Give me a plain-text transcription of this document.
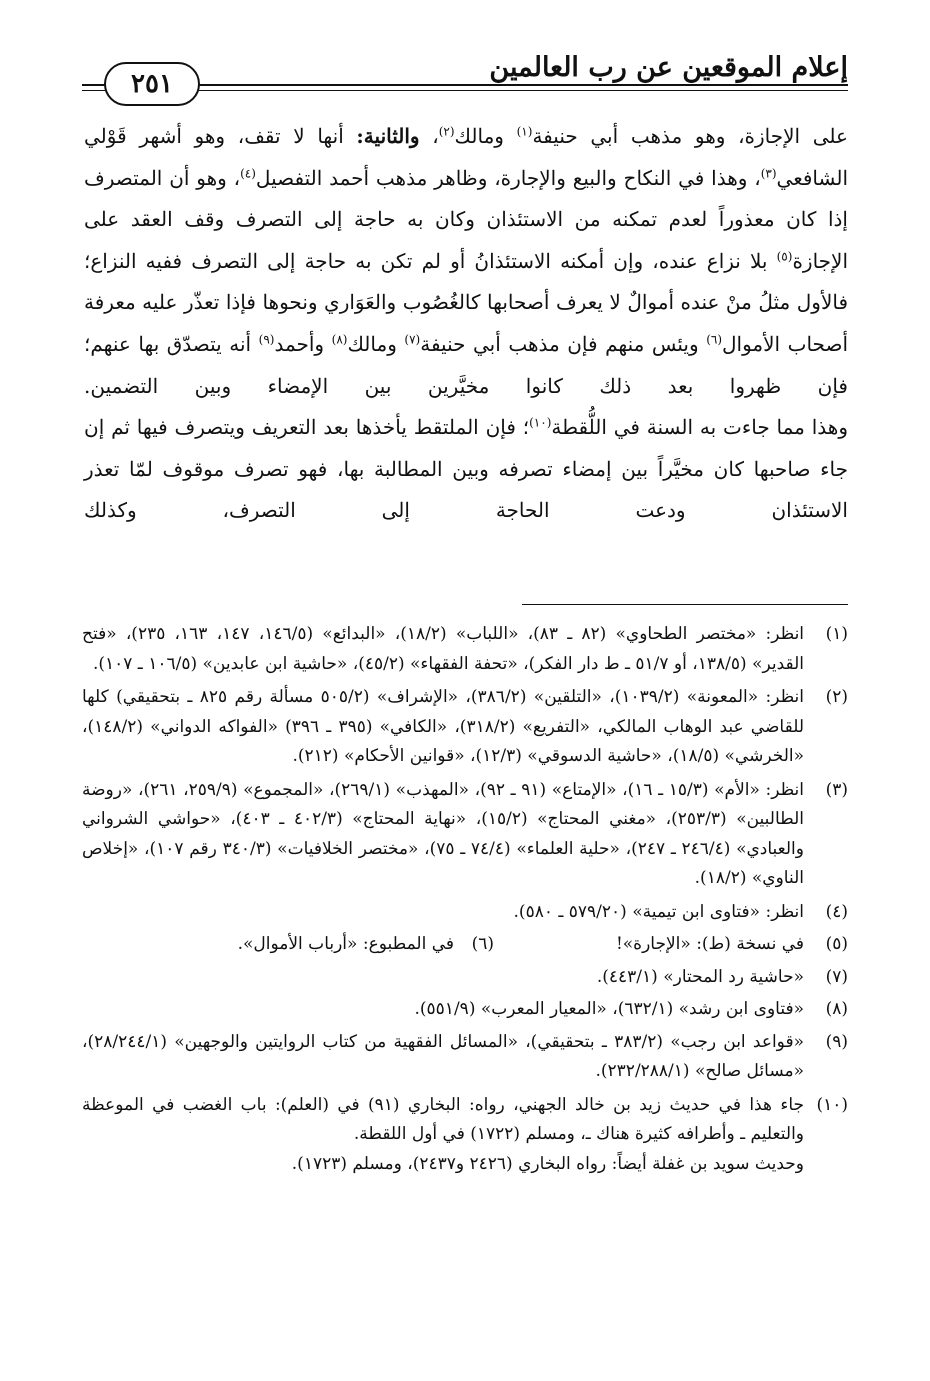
إعلام الموقعين عن رب العالمين
٢٥١

على الإجازة، وهو مذهب أبي حنيفة$^{(١)}$ ومالك$^{(٢)}$، والثانية: أنها لا تقف، وهو أشهر قَوْلي الشافعي$^{(٣)}$، وهذا في النكاح والبيع والإجارة، وظاهر مذهب أحمد التفصيل$^{(٤)}$، وهو أن المتصرف إذا كان معذوراً لعدم تمكنه من الاستئذان وكان به حاجة إلى التصرف وقف العقد على الإجازة$^{(٥)}$ بلا نزاع عنده، وإن أمكنه الاستئذانُ أو لم تكن به حاجة إلى التصرف ففيه النزاع؛ فالأول مثلُ منْ عنده أموالٌ لا يعرف أصحابها كالغُصُوب والعَوَاري ونحوها فإذا تعذّر عليه معرفة أصحاب الأموال$^{(٦)}$ ويئس منهم فإن مذهب أبي حنيفة$^{(٧)}$ ومالك$^{(٨)}$ وأحمد$^{(٩)}$ أنه يتصدّق بها عنهم؛ فإن ظهروا بعد ذلك كانوا مخيَّرين بين الإمضاء وبين التضمين.

وهذا مما جاءت به السنة في اللُّقطة$^{(١٠)}$؛ فإن الملتقط يأخذها بعد التعريف ويتصرف فيها ثم إن جاء صاحبها كان مخيَّراً بين إمضاء تصرفه وبين المطالبة بها، فهو تصرف موقوف لمّا تعذر الاستئذان ودعت الحاجة إلى التصرف، وكذلك

(١)
انظر: «مختصر الطحاوي» (٨٢ ـ ٨٣)، «اللباب» (١٨/٢)، «البدائع» (١٤٦/٥، ١٤٧، ١٦٣، ٢٣٥)، «فتح القدير» (١٣٨/٥، أو ٥١/٧ ـ ط دار الفكر)، «تحفة الفقهاء» (٤٥/٢)، «حاشية ابن عابدين» (١٠٦/٥ ـ ١٠٧).
(٢)
انظر: «المعونة» (١٠٣٩/٢)، «التلقين» (٣٨٦/٢)، «الإشراف» (٥٠٥/٢ مسألة رقم ٨٢٥ ـ بتحقيقي) كلها للقاضي عبد الوهاب المالكي، «التفريع» (٣١٨/٢)، «الكافي» (٣٩٥ ـ ٣٩٦) «الفواكه الدواني» (١٤٨/٢)، «الخرشي» (١٨/٥)، «حاشية الدسوقي» (١٢/٣)، «قوانين الأحكام» (٢١٢).
(٣)
انظر: «الأم» (١٥/٣ ـ ١٦)، «الإمتاع» (٩١ ـ ٩٢)، «المهذب» (٢٦٩/١)، «المجموع» (٢٥٩/٩، ٢٦١)، «روضة الطالبين» (٢٥٣/٣)، «مغني المحتاج» (١٥/٢)، «نهاية المحتاج» (٤٠٢/٣ ـ ٤٠٣)، «حواشي الشرواني والعبادي» (٢٤٦/٤ ـ ٢٤٧)، «حلية العلماء» (٧٤/٤ ـ ٧٥)، «مختصر الخلافيات» (٣٤٠/٣ رقم ١٠٧)، «إخلاص الناوي» (١٨/٢).
(٤)
انظر: «فتاوى ابن تيمية» (٥٧٩/٢٠ ـ ٥٨٠).
(٥)
في نسخة (ط): «الإجارة»!
(٦)
في المطبوع: «أرباب الأموال».
(٧)
«حاشية رد المحتار» (٤٤٣/١).
(٨)
«فتاوى ابن رشد» (٦٣٢/١)، «المعيار المعرب» (٥٥١/٩).
(٩)
«قواعد ابن رجب» (٣٨٣/٢ ـ بتحقيقي)، «المسائل الفقهية من كتاب الروايتين والوجهين» (٢٨/٢٤٤/١)، «مسائل صالح» (٢٣٢/٢٨٨/١).
(١٠)
جاء هذا في حديث زيد بن خالد الجهني، رواه: البخاري (٩١) في (العلم): باب الغضب في الموعظة والتعليم ـ وأطرافه كثيرة هناك ـ، ومسلم (١٧٢٢) في أول اللقطة.
وحديث سويد بن غفلة أيضاً: رواه البخاري (٢٤٢٦ و٢٤٣٧)، ومسلم (١٧٢٣).
